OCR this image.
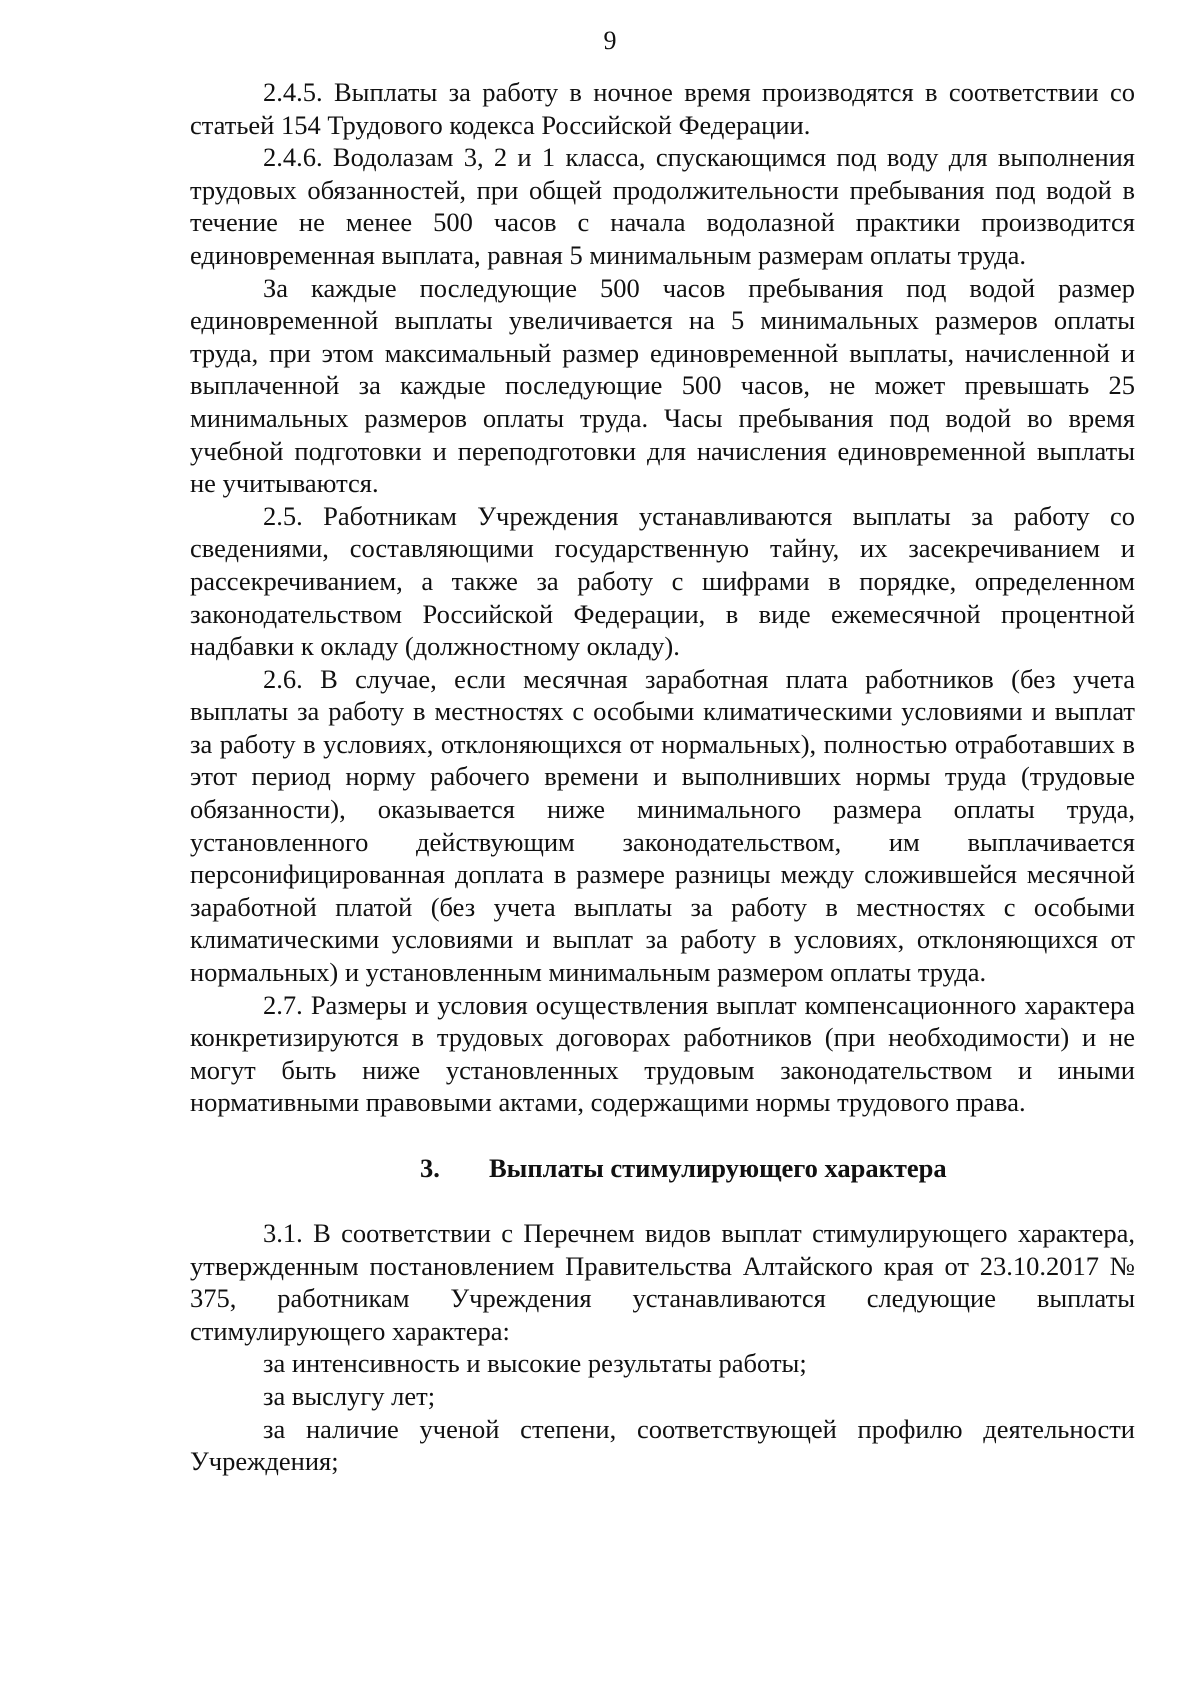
9

2.4.5. Выплаты за работу в ночное время производятся в соответствии со статьей 154 Трудового кодекса Российской Федерации.

2.4.6. Водолазам 3, 2 и 1 класса, спускающимся под воду для выполнения трудовых обязанностей, при общей продолжительности пребывания под водой в течение не менее 500 часов с начала водолазной практики производится единовременная выплата, равная 5 минимальным размерам оплаты труда.

За каждые последующие 500 часов пребывания под водой размер единовременной выплаты увеличивается на 5 минимальных размеров оплаты труда, при этом максимальный размер единовременной выплаты, начисленной и выплаченной за каждые последующие 500 часов, не может превышать 25 минимальных размеров оплаты труда. Часы пребывания под водой во время учебной подготовки и переподготовки для начисления единовременной выплаты не учитываются.

2.5. Работникам Учреждения устанавливаются выплаты за работу со сведениями, составляющими государственную тайну, их засекречиванием и рассекречиванием, а также за работу с шифрами в порядке, определенном законодательством Российской Федерации, в виде ежемесячной процентной надбавки к окладу (должностному окладу).

2.6. В случае, если месячная заработная плата работников (без учета выплаты за работу в местностях с особыми климатическими условиями и выплат за работу в условиях, отклоняющихся от нормальных), полностью отработавших в этот период норму рабочего времени и выполнивших нормы труда (трудовые обязанности), оказывается ниже минимального размера оплаты труда, установленного действующим законодательством, им выплачивается персонифицированная доплата в размере разницы между сложившейся месячной заработной платой (без учета выплаты за работу в местностях с особыми климатическими условиями и выплат за работу в условиях, отклоняющихся от нормальных) и установленным минимальным размером оплаты труда.

2.7. Размеры и условия осуществления выплат компенсационного характера конкретизируются в трудовых договорах работников (при необходимости) и не могут быть ниже установленных трудовым законодательством и иными нормативными правовыми актами, содержащими нормы трудового права.

3. Выплаты стимулирующего характера

3.1. В соответствии с Перечнем видов выплат стимулирующего характера, утвержденным постановлением Правительства Алтайского края от 23.10.2017 № 375, работникам Учреждения устанавливаются следующие выплаты стимулирующего характера:

за интенсивность и высокие результаты работы;

за выслугу лет;

за наличие ученой степени, соответствующей профилю деятельности Учреждения;
